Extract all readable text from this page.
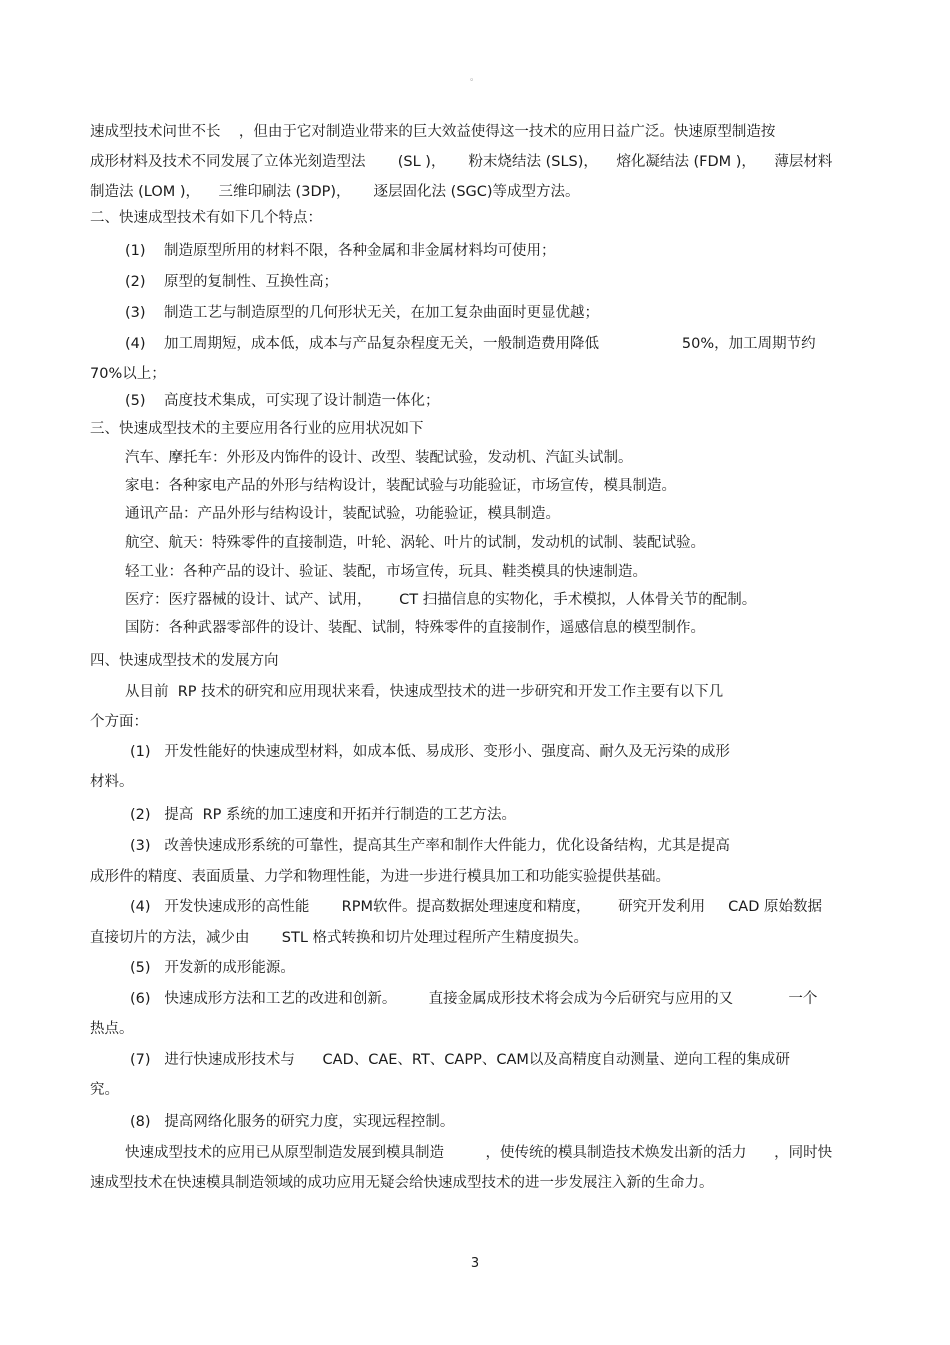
。
速成型技术问世不长    ，但由于它对制造业带来的巨大效益使得这一技术的应用日益广泛。快速原型制造按
成形材料及技术不同发展了立体光刻造型法       (SL )，     粉末烧结法 (SLS)，    熔化凝结法 (FDM )，    薄层材料
制造法 (LOM )，    三维印刷法 (3DP)，     逐层固化法 (SGC)等成型方法。
二、快速成型技术有如下几个特点：
(1)    制造原型所用的材料不限，各种金属和非金属材料均可使用；
(2)    原型的复制性、互换性高；
(3)    制造工艺与制造原型的几何形状无关，在加工复杂曲面时更显优越；
(4)    加工周期短，成本低，成本与产品复杂程度无关，一般制造费用降低                  50%，加工周期节约
70%以上；
(5)    高度技术集成，可实现了设计制造一体化；
三、快速成型技术的主要应用各行业的应用状况如下
汽车、摩托车：外形及内饰件的设计、改型、装配试验，发动机、汽缸头试制。
家电：各种家电产品的外形与结构设计，装配试验与功能验证，市场宣传，模具制造。
通讯产品：产品外形与结构设计，装配试验，功能验证，模具制造。
航空、航天：特殊零件的直接制造，叶轮、涡轮、叶片的试制，发动机的试制、装配试验。
轻工业：各种产品的设计、验证、装配，市场宣传，玩具、鞋类模具的快速制造。
医疗：医疗器械的设计、试产、试用，      CT 扫描信息的实物化，手术模拟，人体骨关节的配制。
国防：各种武器零部件的设计、装配、试制，特殊零件的直接制作，遥感信息的模型制作。
四、快速成型技术的发展方向
从目前  RP 技术的研究和应用现状来看，快速成型技术的进一步研究和开发工作主要有以下几
个方面：
(1)   开发性能好的快速成型材料，如成本低、易成形、变形小、强度高、耐久及无污染的成形
材料。
(2)   提高  RP 系统的加工速度和开拓并行制造的工艺方法。
(3)   改善快速成形系统的可靠性，提高其生产率和制作大件能力，优化设备结构，尤其是提高
成形件的精度、表面质量、力学和物理性能，为进一步进行模具加工和功能实验提供基础。
(4)   开发快速成形的高性能       RPM软件。提高数据处理速度和精度，      研究开发利用     CAD 原始数据
直接切片的方法，减少由       STL 格式转换和切片处理过程所产生精度损失。
(5)   开发新的成形能源。
(6)   快速成形方法和工艺的改进和创新。       直接金属成形技术将会成为今后研究与应用的又            一个
热点。
(7)   进行快速成形技术与      CAD、CAE、RT、CAPP、CAM以及高精度自动测量、逆向工程的集成研
究。
(8)   提高网络化服务的研究力度，实现远程控制。
快速成型技术的应用已从原型制造发展到模具制造         ，使传统的模具制造技术焕发出新的活力      ，同时快
速成型技术在快速模具制造领域的成功应用无疑会给快速成型技术的进一步发展注入新的生命力。
3
